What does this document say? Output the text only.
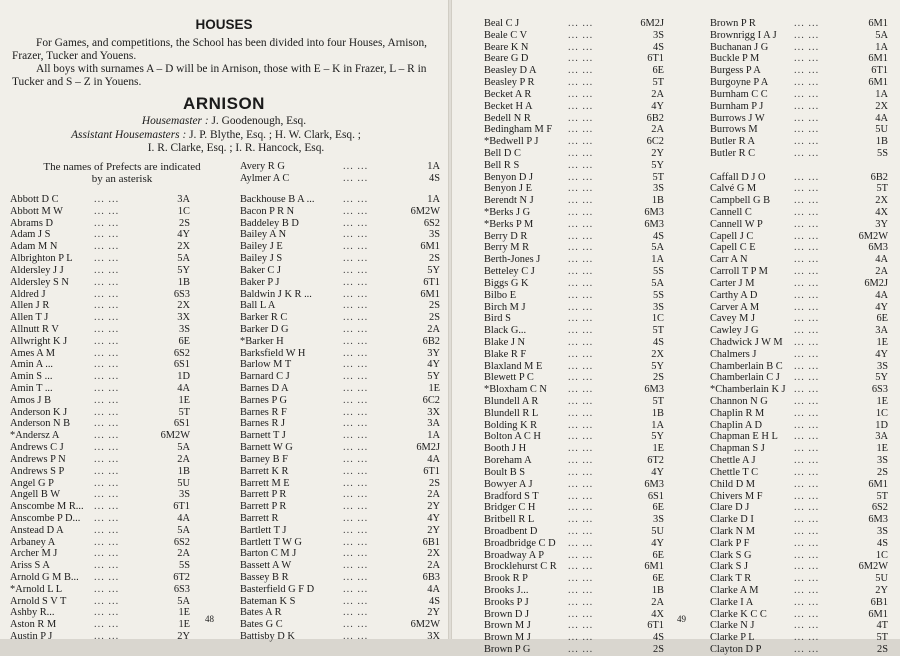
HOUSES
For Games, and competitions, the School has been divided into four Houses, Arnison, Frazer, Tucker and Youens.
All boys with surnames A – D will be in Arnison, those with E – K in Frazer, L – R in Tucker and S – Z in Youens.
ARNISON
Housemaster : J. Goodenough, Esq.
Assistant Housemasters : J. P. Blythe, Esq. ; H. W. Clark, Esq. ;
I. R. Clarke, Esq. ; I. R. Hancock, Esq.
The names of Prefects are indicated
by an asterisk
Abbott D C	... ...	3A
Abbott M W	... ...	1C
Abrams D	... ...	2S
Adam J S	... ...	4Y
Adam M N	... ...	2X
Albrighton P L ... ...	5A
Aldersley J J	... ...	5Y
Aldersley S N ... ...	1B
Aldred J	... ...	6S3
Allen J R	... ...	2X
Allen T J	... ...	3X
Allnutt R V	... ...	3S
Allwright K J	... ...	6E
Ames A M	... ...	6S2
Amin A ...	... ...	6S1
Amin S ...	... ...	1D
Amin T ...	... ...	4A
Amos J B	... ...	1E
Anderson K J	... ...	5T
Anderson N B ... ...	6S1
*Andersz A	... ...	6M2W
Andrews C J	... ...	5A
Andrews P N	... ...	2A
Andrews S P	... ...	1B
Angel G P	... ...	5U
Angell B W	... ...	3S
Anscombe M R... ... ...	6T1
Anscombe P D... ... ...	4A
Anstead D A	... ...	5A
Arbaney A	... ...	6S2
Archer M J	... ...	2A
Ariss S A	... ...	5S
Arnold G M B... ... ...	6T2
*Arnold L L	... ...	6S3
Arnold S V T	... ...	5A
Ashby R...	... ...	1E
Aston R M	... ...	1E
Austin P J	... ...	2Y
Avery R G	... ...	1A
Aylmer A C	... ...	4S
Backhouse B A ...	... ...	1A
Bacon P R N	... ...	6M2W
Baddeley B D	... ...	6S2
Bailey A N	... ...	3S
Bailey J E	... ...	6M1
Bailey J S	... ...	2S
Baker C J	... ...	5Y
Baker P J	... ...	6T1
Baldwin J K R ...	... ...	6M1
Ball L A	... ...	2S
Barker R C	... ...	2S
Barker D G	... ...	2A
*Barker H	... ...	6B2
Barksfield W H	... ...	3Y
Barlow M T	... ...	4Y
Barnard C J	... ...	5Y
Barnes D A	... ...	1E
Barnes P G	... ...	6C2
Barnes R F	... ...	3X
Barnes R J	... ...	3A
Barnett T J	... ...	1A
Barnett W G	... ...	6M2J
Barney B F	... ...	4A
Barrett K R	... ...	6T1
Barrett M E	... ...	2S
Barrett P R	... ...	2A
Barrett P R	... ...	2Y
Barrett R	... ...	4Y
Bartlett T J	... ...	2Y
Bartlett T W G	... ...	6B1
Barton C M J	... ...	2X
Bassett A W	... ...	2A
Bassey B R	... ...	6B3
Basterfield G F D	... ...	4A
Bateman K S	... ...	4S
Bates A R	... ...	2Y
Bates G C	... ...	6M2W
Battisby D K	... ...	3X
48
Beal C J	... ...	6M2J
Beale C V	... ...	3S
Beare K N	... ...	4S
Beare G D	... ...	6T1
Beasley D A	... ...	6E
Beasley P R	... ...	5T
Becket A R	... ...	2A
Becket H A	... ...	4Y
Bedell N R	... ...	6B2
Bedingham M F ... ...	2A
*Bedwell P J	... ...	6C2
Bell D C	... ...	2Y
Bell R S	... ...	5Y
Benyon D J	... ...	5T
Benyon J E	... ...	3S
Berendt N J	... ...	1B
*Berks J G	... ...	6M3
*Berks P M	... ...	6M3
Berry D R	... ...	4S
Berry M R	... ...	5A
Berth-Jones J	... ...	1A
Betteley C J	... ...	5S
Biggs G K	... ...	5A
Bilbo E	... ...	5S
Birch M J	... ...	3S
Bird S	... ...	1C
Black G...	... ...	5T
Blake J N	... ...	4S
Blake R F	... ...	2X
Blaxland M E ... ...	5Y
Blewett P C	... ...	2S
*Bloxham C N ... ...	6M3
Blundell A R	... ...	5T
Blundell R L	... ...	1B
Bolding K R	... ...	1A
Bolton A C H	... ...	5Y
Booth J H	... ...	1E
Boreham A	... ...	6T2
Boult B S	... ...	4Y
Bowyer A J	... ...	6M3
Bradford S T	... ...	6S1
Bridger C H	... ...	6E
Britbell R L	... ...	3S
Broadbent D	... ...	5U
Broadbridge C D ... ...	4Y
Broadway A P ... ...	6E
Brocklehurst C R ... ...	6M1
Brook R P	... ...	6E
Brooks J...	... ...	1B
Brooks P J	... ...	2A
Brown D J	... ...	4X
Brown M J	... ...	6T1
Brown M J	... ...	4S
Brown P G	... ...	2S
Brown P R	... ...	6M1
Brownrigg I A J ... ...	5A
Buchanan J G ... ...	1A
Buckle P M	... ...	6M1
Burgess P A	... ...	6T1
Burgoyne P A ... ...	6M1
Burnham C C	... ...	1A
Burnham P J	... ...	2X
Burrows J W	... ...	4A
Burrows M	... ...	5U
Butler R A	... ...	1B
Butler R C	... ...	5S
Caffall D J O	... ...	6B2
Calvé G M	... ...	5T
Campbell G B ... ...	2X
Cannell C	... ...	4X
Cannell W P	... ...	3Y
Capell J C	... ...	6M2W
Capell C E	... ...	6M3
Carr A N	... ...	4A
Carroll T P M	... ...	2A
Carter J M	... ...	6M2J
Carthy A D	... ...	4A
Carver A M	... ...	4Y
Cavey M J	... ...	6E
Cawley J G	... ...	3A
Chadwick J W M ... ...	1E
Chalmers J	... ...	4Y
Chamberlain B C ... ...	3S
Chamberlain C J ... ...	5Y
*Chamberlain K J ... ...	6S3
Channon N G	... ...	1E
Chaplin R M	... ...	1C
Chaplin A D	... ...	1D
Chapman E H L ... ...	3A
Chapman S J	... ...	1E
Chettle A J	... ...	3S
Chettle T C	... ...	2S
Child D M	... ...	6M1
Chivers M F	... ...	5T
Clare D J	... ...	6S2
Clarke D I	... ...	6M3
Clark N M	... ...	3S
Clark P F	... ...	4S
Clark S G	... ...	1C
Clark S J	... ...	6M2W
Clark T R	... ...	5U
Clarke A M	... ...	2Y
Clarke I A	... ...	6B1
Clarke K C C	... ...	6M1
Clarke N J	... ...	4T
Clarke P L	... ...	5T
Clayton D P	... ...	2S
49
